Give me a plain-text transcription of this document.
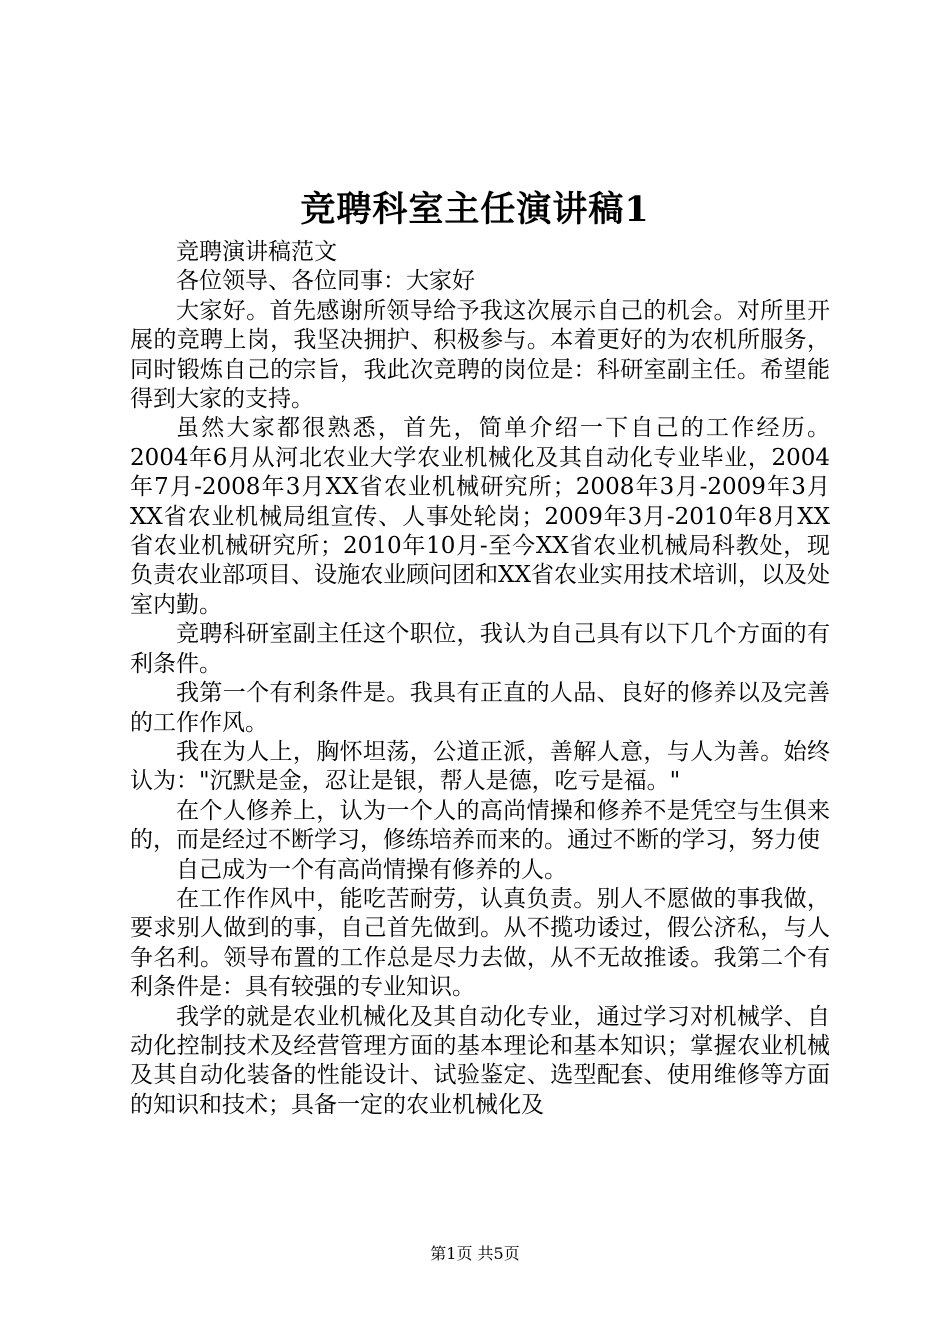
竞聘科室主任演讲稿1

竞聘演讲稿范文

各位领导、各位同事：大家好

大家好。首先感谢所领导给予我这次展示自己的机会。对所里开展的竞聘上岗，我坚决拥护、积极参与。本着更好的为农机所服务，同时锻炼自己的宗旨，我此次竞聘的岗位是：科研室副主任。希望能得到大家的支持。

虽然大家都很熟悉，首先，简单介绍一下自己的工作经历。2004年6月从河北农业大学农业机械化及其自动化专业毕业，2004年7月-2008年3月XX省农业机械研究所；2008年3月-2009年3月XX省农业机械局组宣传、人事处轮岗；2009年3月-2010年8月XX省农业机械研究所；2010年10月-至今XX省农业机械局科教处，现负责农业部项目、设施农业顾问团和XX省农业实用技术培训，以及处室内勤。

竞聘科研室副主任这个职位，我认为自己具有以下几个方面的有利条件。

我第一个有利条件是。我具有正直的人品、良好的修养以及完善的工作作风。

我在为人上，胸怀坦荡，公道正派，善解人意，与人为善。始终认为："沉默是金，忍让是银，帮人是德，吃亏是福。"

在个人修养上，认为一个人的高尚情操和修养不是凭空与生俱来的，而是经过不断学习，修练培养而来的。通过不断的学习，努力使

自己成为一个有高尚情操有修养的人。

在工作作风中，能吃苦耐劳，认真负责。别人不愿做的事我做，要求别人做到的事，自己首先做到。从不揽功诿过，假公济私，与人争名利。领导布置的工作总是尽力去做，从不无故推诿。我第二个有利条件是：具有较强的专业知识。

我学的就是农业机械化及其自动化专业，通过学习对机械学、自动化控制技术及经营管理方面的基本理论和基本知识；掌握农业机械及其自动化装备的性能设计、试验鉴定、选型配套、使用维修等方面的知识和技术；具备一定的农业机械化及

第1页 共5页
